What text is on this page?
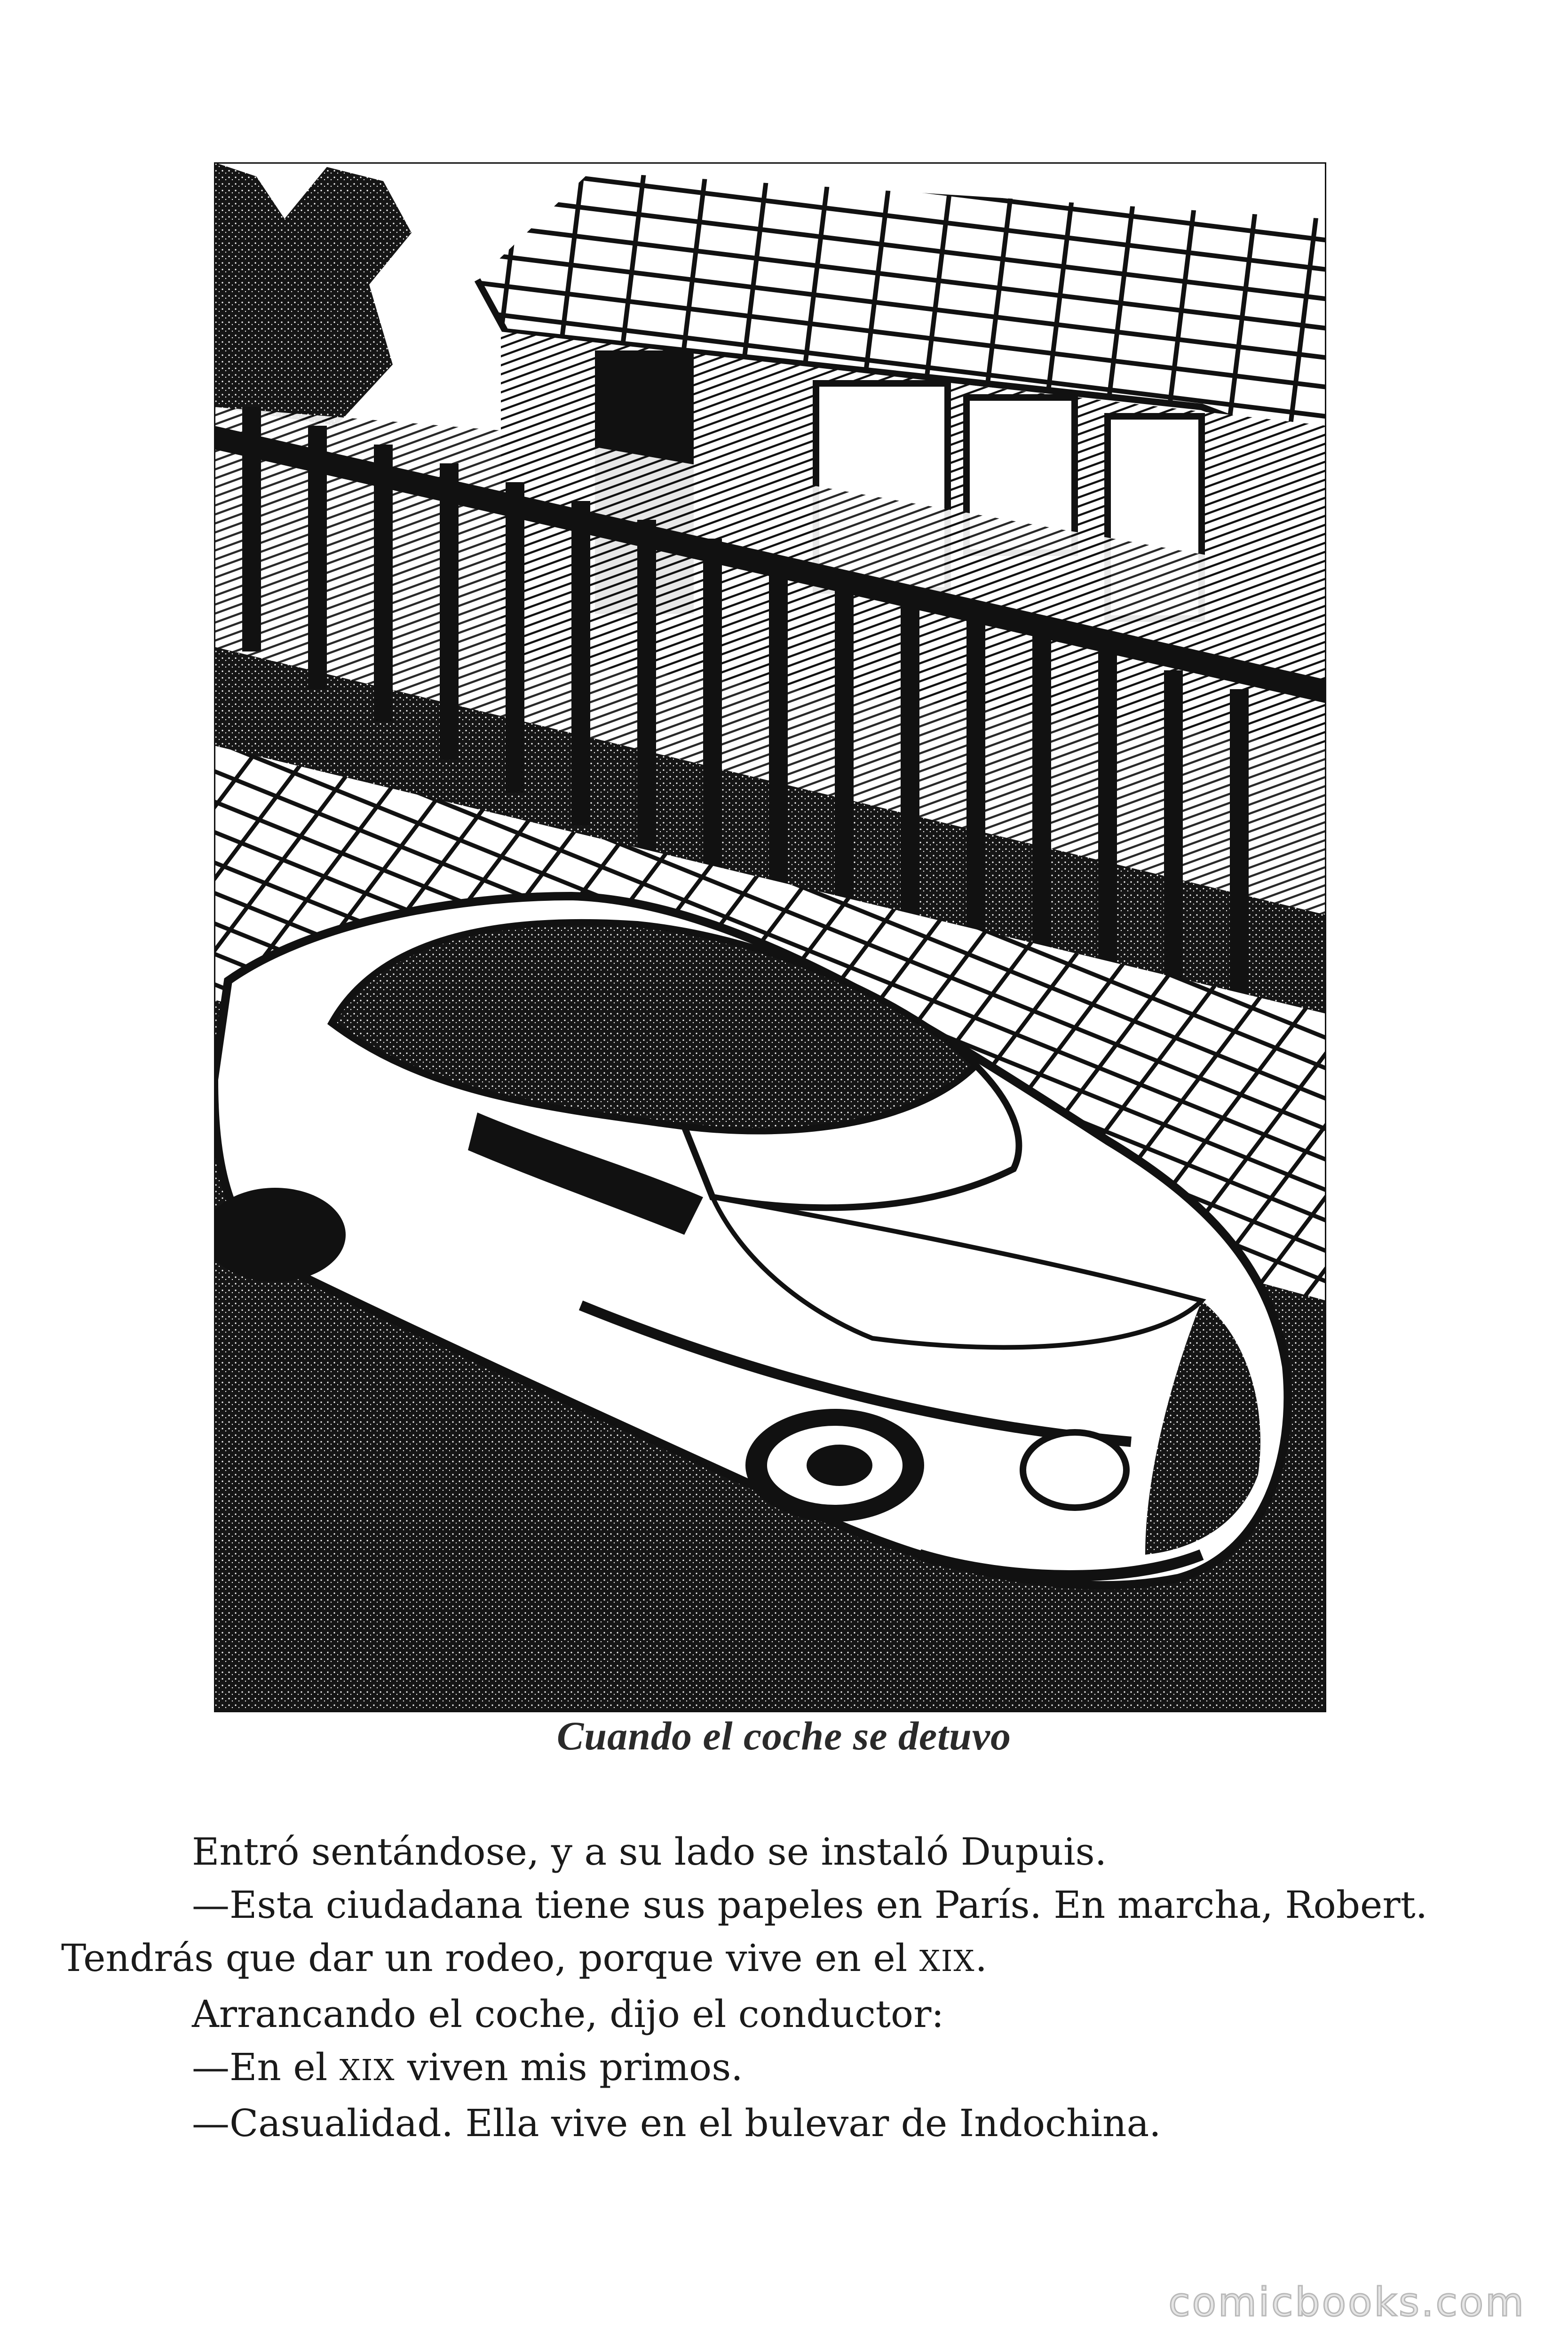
Cuando el coche se detuvo

Entró sentándose, y a su lado se instaló Dupuis.

—Esta ciudadana tiene sus papeles en París. En marcha, Robert.

Tendrás que dar un rodeo, porque vive en el XIX.

Arrancando el coche, dijo el conductor:

—En el XIX viven mis primos.

—Casualidad. Ella vive en el bulevar de Indochina.

comicbooks.com
